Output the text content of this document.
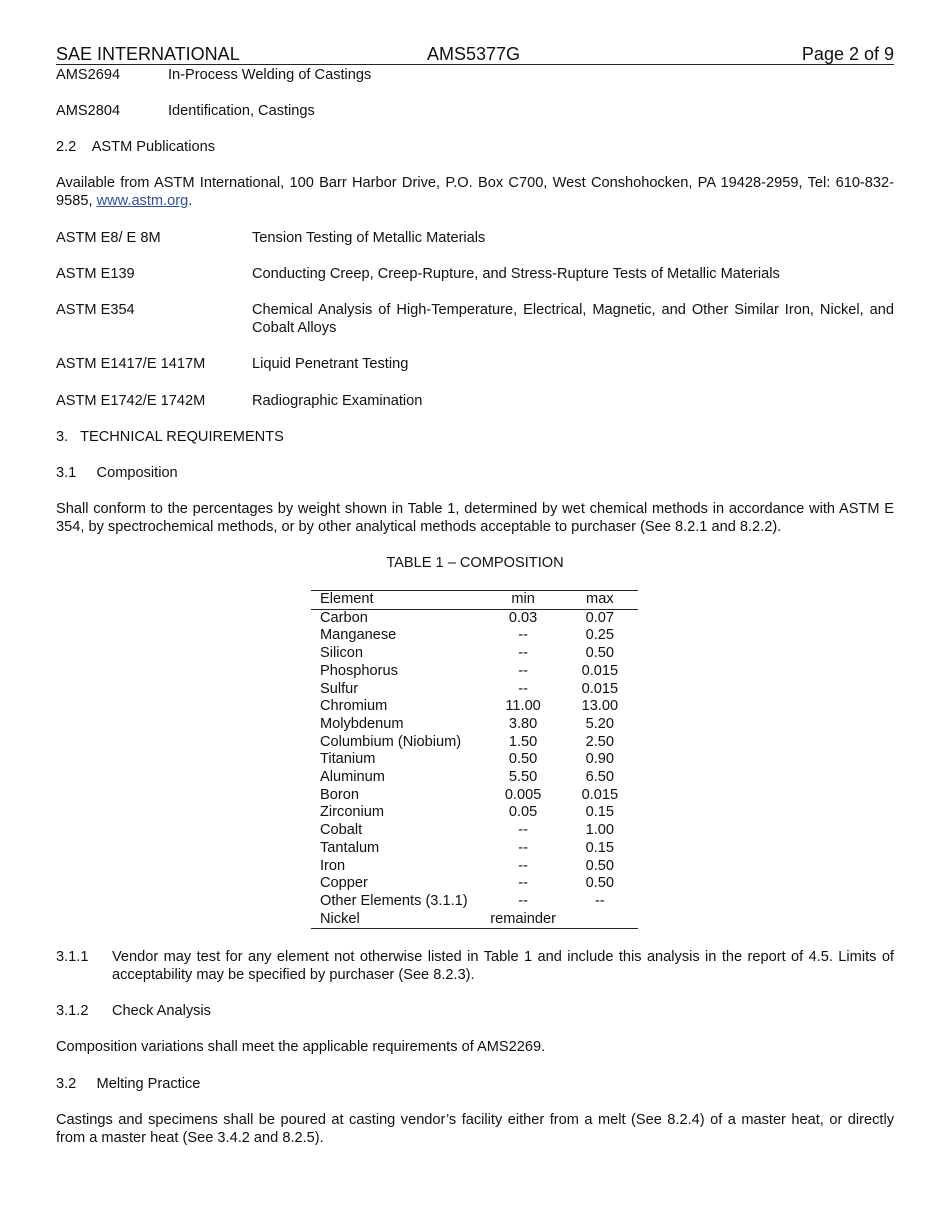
SAE INTERNATIONAL	AMS5377G	Page 2 of 9
AMS2694	In-Process Welding of Castings
AMS2804	Identification, Castings
2.2    ASTM Publications
Available from ASTM International, 100 Barr Harbor Drive, P.O. Box C700, West Conshohocken, PA 19428-2959, Tel: 610-832-9585, www.astm.org.
ASTM E8/ E 8M	Tension Testing of Metallic Materials
ASTM E139	Conducting Creep, Creep-Rupture, and Stress-Rupture Tests of Metallic Materials
ASTM E354	Chemical Analysis of High-Temperature, Electrical, Magnetic, and Other Similar Iron, Nickel, and Cobalt Alloys
ASTM E1417/E 1417M	Liquid Penetrant Testing
ASTM E1742/E 1742M	Radiographic Examination
3.   TECHNICAL REQUIREMENTS
3.1     Composition
Shall conform to the percentages by weight shown in Table 1, determined by wet chemical methods in accordance with ASTM E 354, by spectrochemical methods, or by other analytical methods acceptable to purchaser (See 8.2.1 and 8.2.2).
TABLE 1 – COMPOSITION
Element	min	max
Carbon	0.03	0.07
Manganese	--	0.25
Silicon	--	0.50
Phosphorus	--	0.015
Sulfur	--	0.015
Chromium	11.00	13.00
Molybdenum	3.80	5.20
Columbium (Niobium)	1.50	2.50
Titanium	0.50	0.90
Aluminum	5.50	6.50
Boron	0.005	0.015
Zirconium	0.05	0.15
Cobalt	--	1.00
Tantalum	--	0.15
Iron	--	0.50
Copper	--	0.50
Other Elements (3.1.1)	--	--
Nickel	remainder	
3.1.1 Vendor may test for any element not otherwise listed in Table 1 and include this analysis in the report of 4.5. Limits of acceptability may be specified by purchaser (See 8.2.3).
3.1.2 Check Analysis
Composition variations shall meet the applicable requirements of AMS2269.
3.2     Melting Practice
Castings and specimens shall be poured at casting vendor’s facility either from a melt (See 8.2.4) of a master heat, or directly from a master heat (See 3.4.2 and 8.2.5).
